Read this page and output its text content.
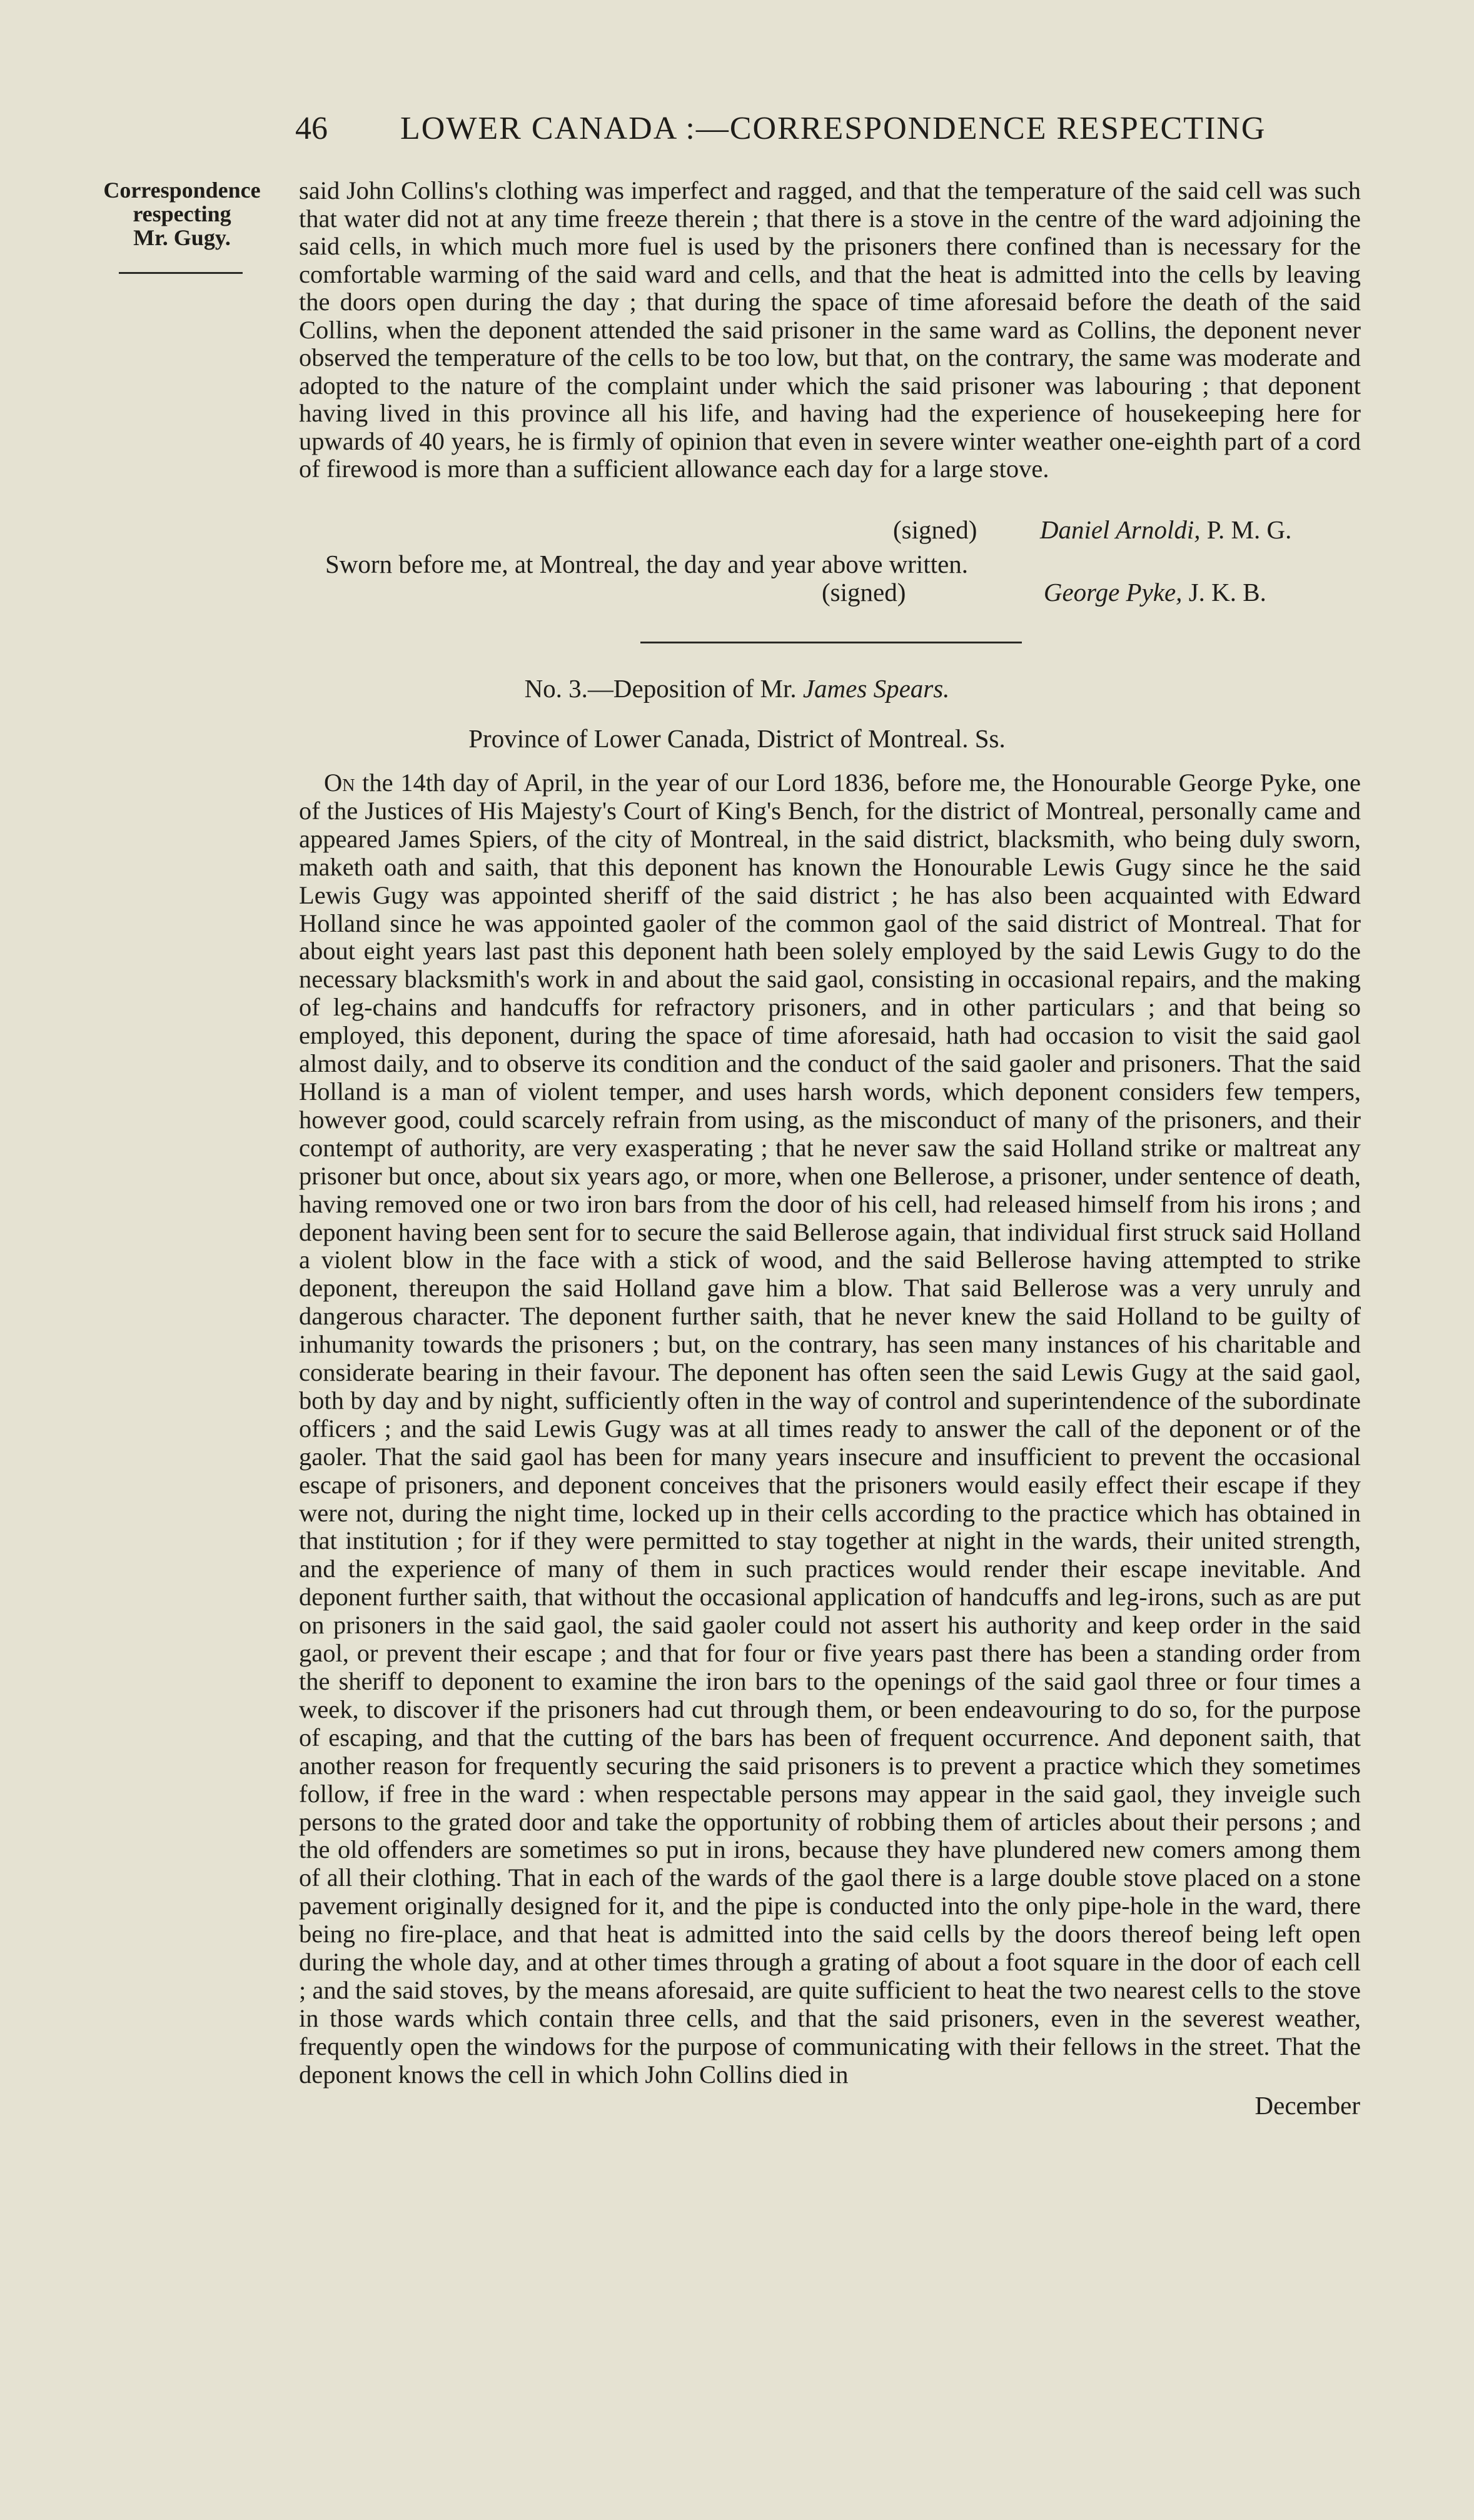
46 LOWER CANADA :—CORRESPONDENCE RESPECTING
Correspondence
respecting
Mr. Gugy.
said John Collins's clothing was imperfect and ragged, and that the temperature of the said cell was such that water did not at any time freeze therein ; that there is a stove in the centre of the ward adjoining the said cells, in which much more fuel is used by the prisoners there confined than is necessary for the comfortable warming of the said ward and cells, and that the heat is admitted into the cells by leaving the doors open during the day ; that during the space of time aforesaid before the death of the said Collins, when the deponent attended the said prisoner in the same ward as Collins, the deponent never observed the temperature of the cells to be too low, but that, on the contrary, the same was moderate and adopted to the nature of the complaint under which the said prisoner was labouring ; that deponent having lived in this province all his life, and having had the experience of housekeeping here for upwards of 40 years, he is firmly of opinion that even in severe winter weather one-eighth part of a cord of firewood is more than a sufficient allowance each day for a large stove.
(signed) Daniel Arnoldi, P. M. G.
Sworn before me, at Montreal, the day and year above written.
(signed)	George Pyke, J. K. B.
No. 3.—Deposition of Mr. James Spears.
Province of Lower Canada, District of Montreal. Ss.
On the 14th day of April, in the year of our Lord 1836, before me, the Honourable George Pyke, one of the Justices of His Majesty's Court of King's Bench, for the district of Montreal, personally came and appeared James Spiers, of the city of Montreal, in the said district, blacksmith, who being duly sworn, maketh oath and saith, that this deponent has known the Honourable Lewis Gugy since he the said Lewis Gugy was appointed sheriff of the said district ; he has also been acquainted with Edward Holland since he was appointed gaoler of the common gaol of the said district of Montreal. That for about eight years last past this deponent hath been solely employed by the said Lewis Gugy to do the necessary blacksmith's work in and about the said gaol, consisting in occasional repairs, and the making of leg-chains and handcuffs for refractory prisoners, and in other particulars ; and that being so employed, this deponent, during the space of time aforesaid, hath had occasion to visit the said gaol almost daily, and to observe its condition and the conduct of the said gaoler and prisoners. That the said Holland is a man of violent temper, and uses harsh words, which deponent considers few tempers, however good, could scarcely refrain from using, as the misconduct of many of the prisoners, and their contempt of authority, are very exasperating ; that he never saw the said Holland strike or maltreat any prisoner but once, about six years ago, or more, when one Bellerose, a prisoner, under sentence of death, having removed one or two iron bars from the door of his cell, had released himself from his irons ; and deponent having been sent for to secure the said Bellerose again, that individual first struck said Holland a violent blow in the face with a stick of wood, and the said Bellerose having attempted to strike deponent, thereupon the said Holland gave him a blow. That said Bellerose was a very unruly and dangerous character. The deponent further saith, that he never knew the said Holland to be guilty of inhumanity towards the prisoners ; but, on the contrary, has seen many instances of his charitable and considerate bearing in their favour. The deponent has often seen the said Lewis Gugy at the said gaol, both by day and by night, sufficiently often in the way of control and superintendence of the subordinate officers ; and the said Lewis Gugy was at all times ready to answer the call of the deponent or of the gaoler. That the said gaol has been for many years insecure and insufficient to prevent the occasional escape of prisoners, and deponent conceives that the prisoners would easily effect their escape if they were not, during the night time, locked up in their cells according to the practice which has obtained in that institution ; for if they were permitted to stay together at night in the wards, their united strength, and the experience of many of them in such practices would render their escape inevitable. And deponent further saith, that without the occasional application of handcuffs and leg-irons, such as are put on prisoners in the said gaol, the said gaoler could not assert his authority and keep order in the said gaol, or prevent their escape ; and that for four or five years past there has been a standing order from the sheriff to deponent to examine the iron bars to the openings of the said gaol three or four times a week, to discover if the prisoners had cut through them, or been endeavouring to do so, for the purpose of escaping, and that the cutting of the bars has been of frequent occurrence. And deponent saith, that another reason for frequently securing the said prisoners is to prevent a practice which they sometimes follow, if free in the ward : when respectable persons may appear in the said gaol, they inveigle such persons to the grated door and take the opportunity of robbing them of articles about their persons ; and the old offenders are sometimes so put in irons, because they have plundered new comers among them of all their clothing. That in each of the wards of the gaol there is a large double stove placed on a stone pavement originally designed for it, and the pipe is conducted into the only pipe-hole in the ward, there being no fire-place, and that heat is admitted into the said cells by the doors thereof being left open during the whole day, and at other times through a grating of about a foot square in the door of each cell ; and the said stoves, by the means aforesaid, are quite sufficient to heat the two nearest cells to the stove in those wards which contain three cells, and that the said prisoners, even in the severest weather, frequently open the windows for the purpose of communicating with their fellows in the street. That the deponent knows the cell in which John Collins died in
December
